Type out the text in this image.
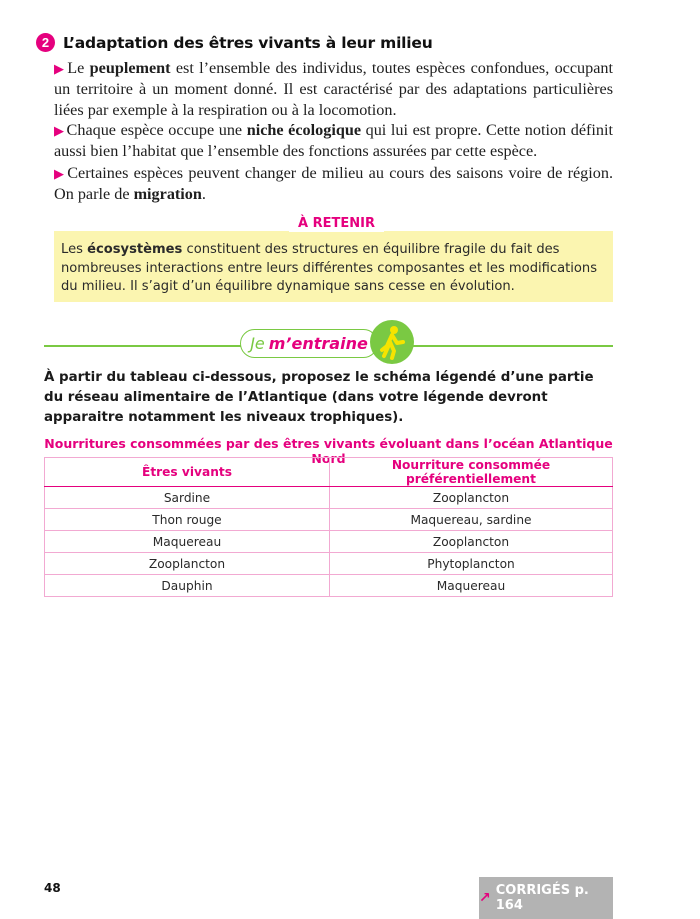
2 L’adaptation des êtres vivants à leur milieu
▶ Le peuplement est l’ensemble des individus, toutes espèces confondues, occupant un territoire à un moment donné. Il est caractérisé par des adaptations particulières liées par exemple à la respiration ou à la locomotion.
▶ Chaque espèce occupe une niche écologique qui lui est propre. Cette notion définit aussi bien l’habitat que l’ensemble des fonctions assurées par cette espèce.
▶ Certaines espèces peuvent changer de milieu au cours des saisons voire de région. On parle de migration.
À RETENIR
Les écosystèmes constituent des structures en équilibre fragile du fait des nombreuses interactions entre leurs différentes composantes et les modifications du milieu. Il s’agit d’un équilibre dynamique sans cesse en évolution.
Je m’entraine
À partir du tableau ci-dessous, proposez le schéma légendé d’une partie du réseau alimentaire de l’Atlantique (dans votre légende devront apparaitre notamment les niveaux trophiques).
Nourritures consommées par des êtres vivants évoluant dans l’océan Atlantique Nord
Êtres vivants	Nourriture consommée préférentiellement
Sardine	Zooplancton
Thon rouge	Maquereau, sardine
Maquereau	Zooplancton
Zooplancton	Phytoplancton
Dauphin	Maquereau
48
↗ CORRIGÉS p. 164
